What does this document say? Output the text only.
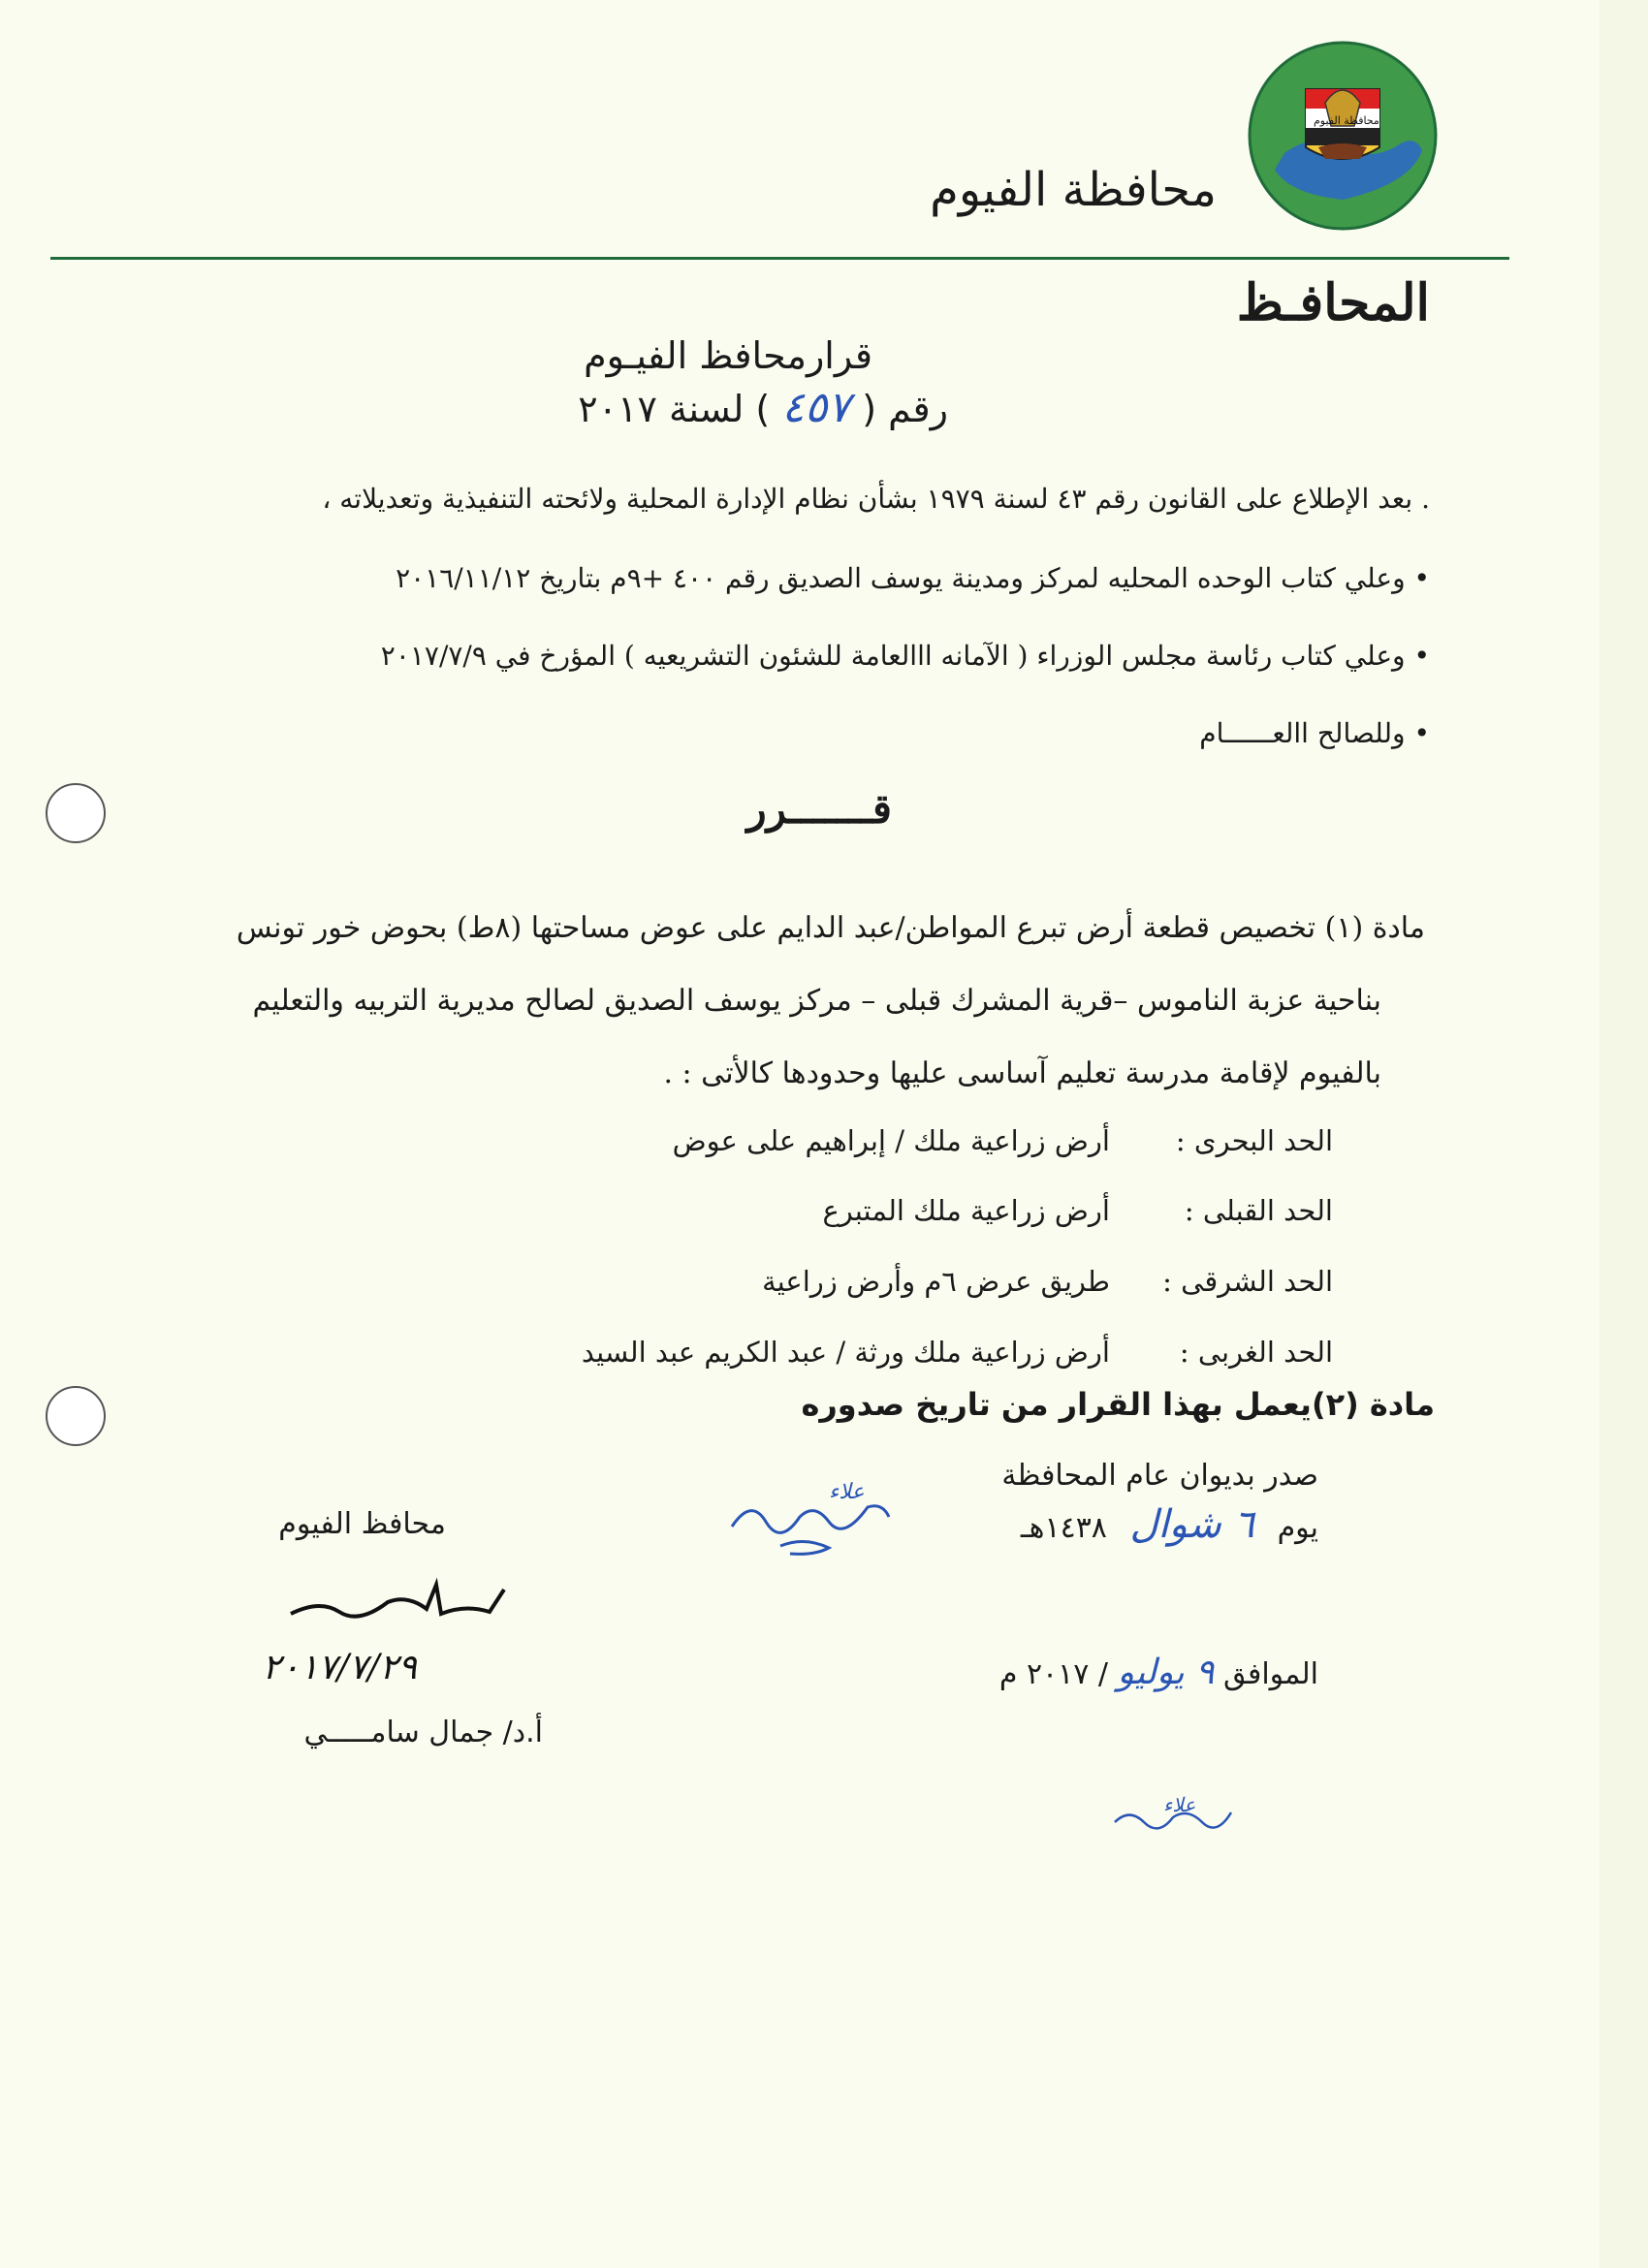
محافظة الفيوم
محافظة الفيوم
المحافـظ
قرارمحافظ الفيـوم
رقم ( ٤٥٧ ) لسنة ٢٠١٧
. بعد الإطلاع على القانون رقم ٤٣ لسنة ١٩٧٩ بشأن نظام الإدارة المحلية ولائحته التنفيذية وتعديلاته ،
• وعلي كتاب الوحده المحليه لمركز ومدينة يوسف الصديق رقم ٤٠٠ +٩م بتاريخ ٢٠١٦/١١/١٢
• وعلي كتاب رئاسة مجلس الوزراء ( الآمانه ااالعامة للشئون التشريعيه ) المؤرخ في ٢٠١٧/٧/٩
• وللصالح االعــــــام
قـــــــرر
مادة (١) تخصيص قطعة أرض تبرع المواطن/عبد الدايم على عوض مساحتها (٨ط) بحوض خور تونس
بناحية عزبة الناموس –قرية المشرك قبلى – مركز يوسف الصديق لصالح مديرية التربيه والتعليم
بالفيوم لإقامة مدرسة تعليم آساسى عليها وحدودها كالأتى : .
الحد البحرى :
أرض زراعية ملك / إبراهيم على عوض
الحد القبلى :
أرض زراعية ملك المتبرع
الحد الشرقى :
طريق عرض ٦م وأرض زراعية
الحد الغربى :
أرض زراعية ملك ورثة / عبد الكريم عبد السيد
مادة (٢)يعمل بهذا القرار من تاريخ صدوره
صدر بديوان عام المحافظة
يوم ٦ شوال ١٤٣٨هـ
الموافق ٩ يوليو / ٢٠١٧ م
علاء
محافظ الفيوم
٢٠١٧/٧/٢٩
أ.د/ جمال سامـــــي
علاء
